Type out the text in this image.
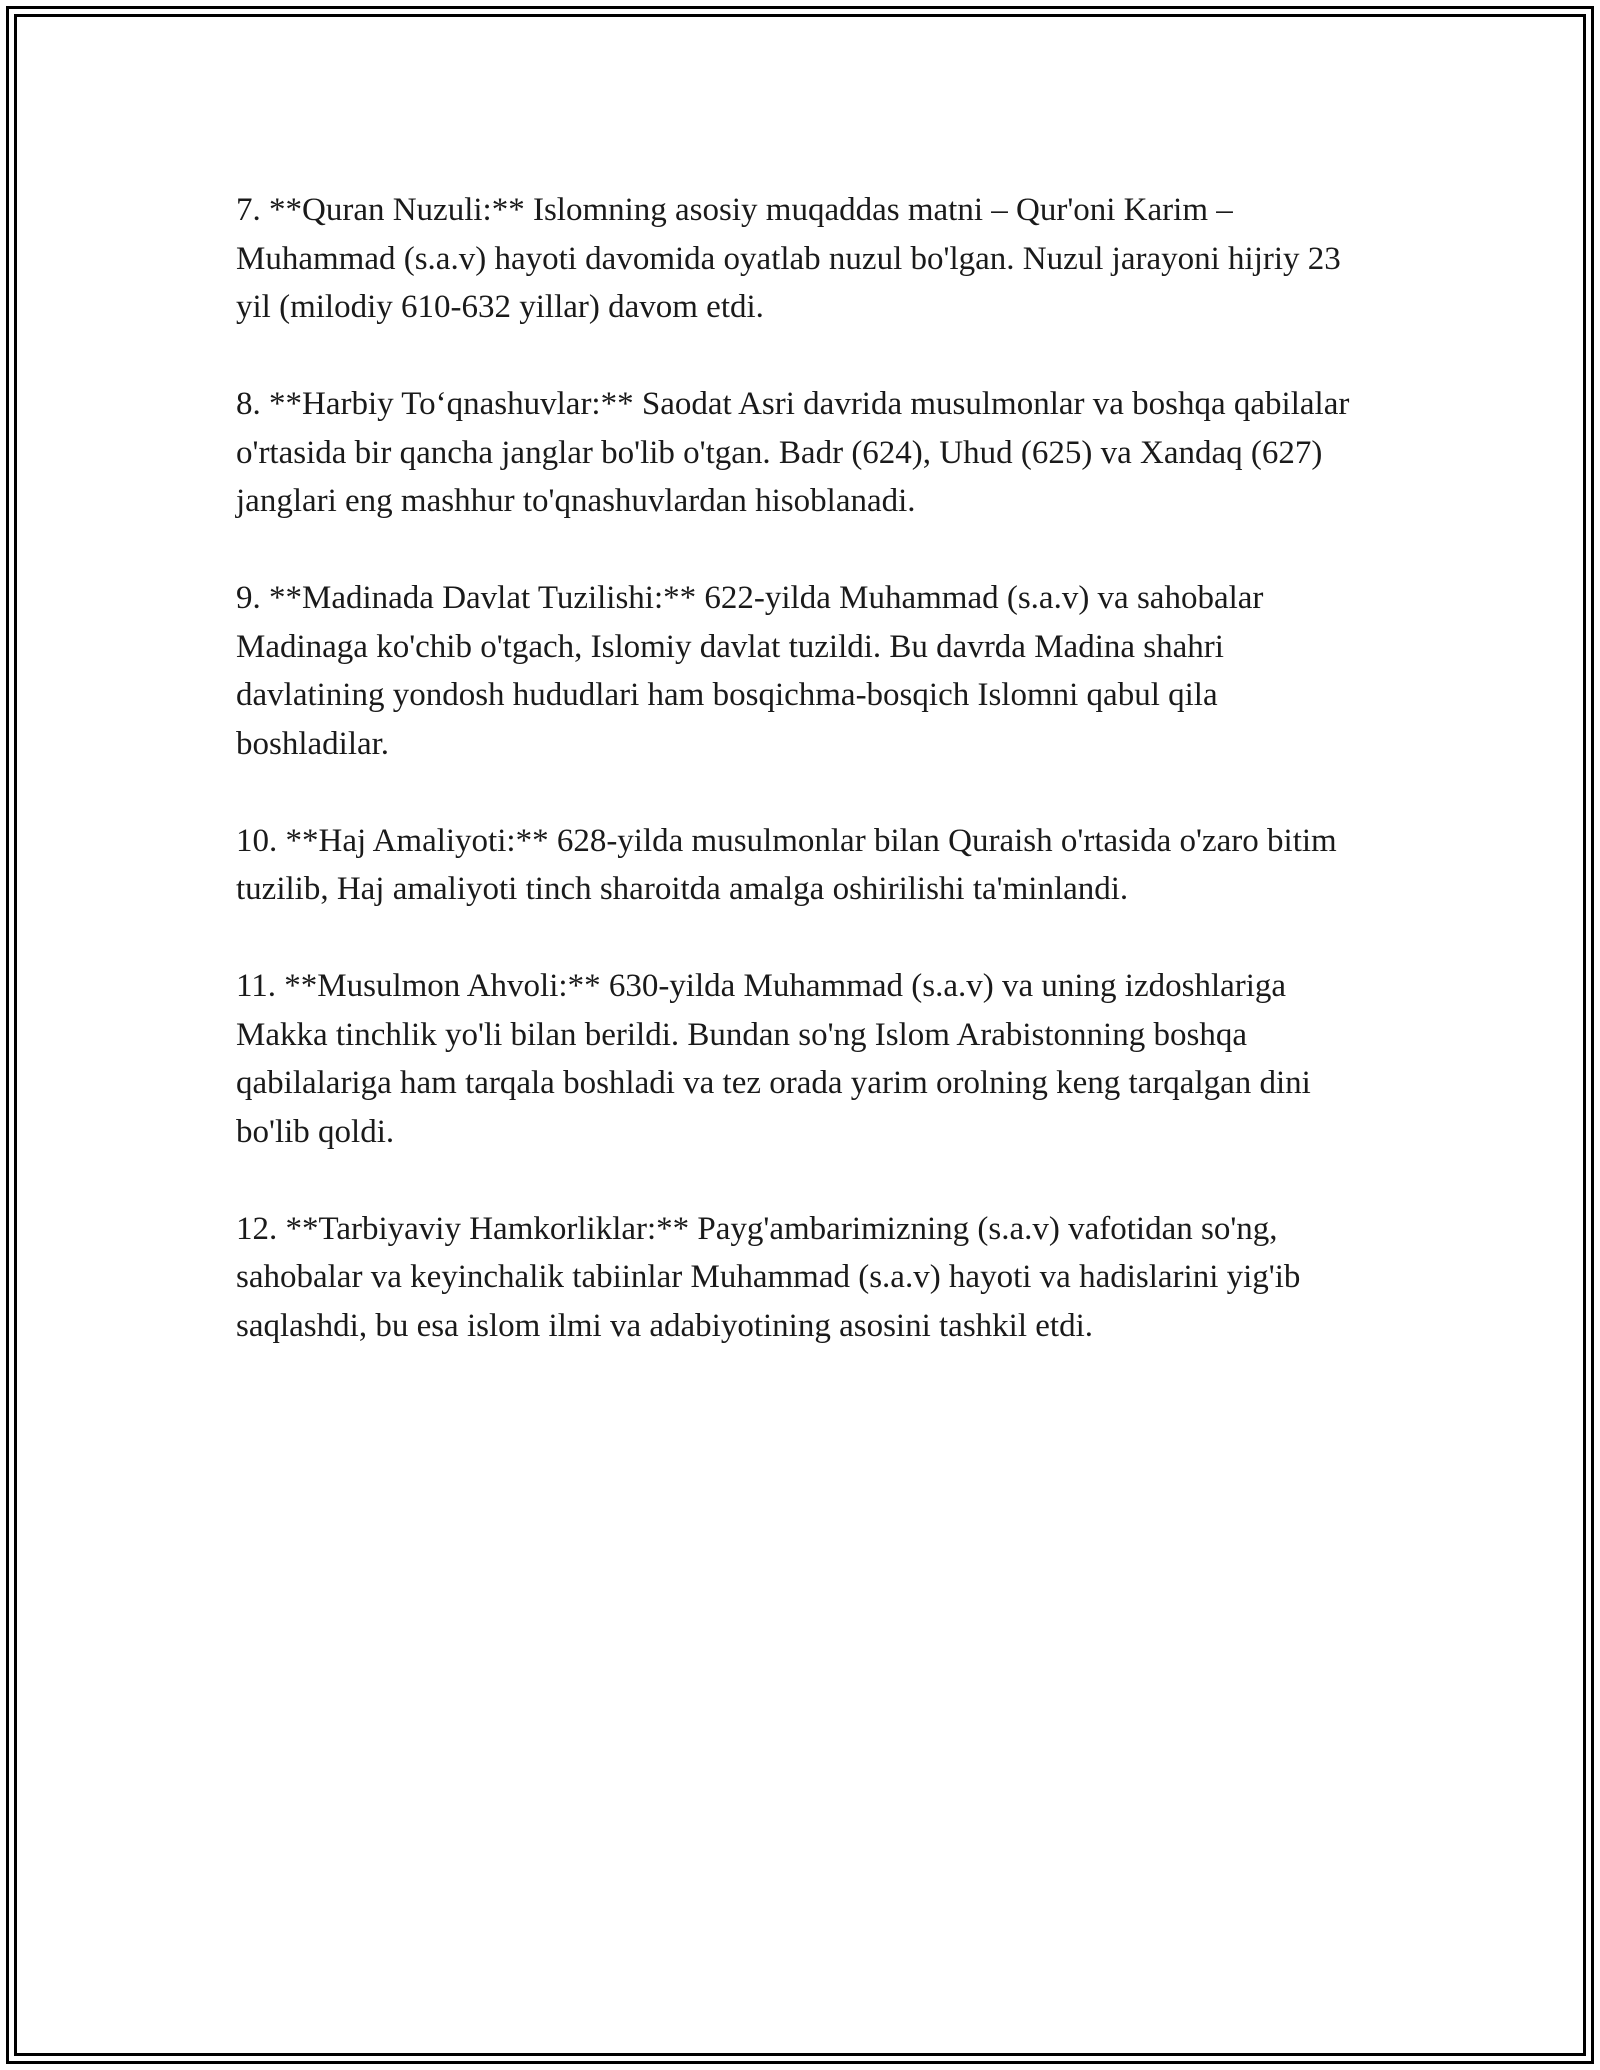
7. **Quran Nuzuli:** Islomning asosiy muqaddas matni – Qur'oni Karim – Muhammad (s.a.v) hayoti davomida oyatlab nuzul bo'lgan. Nuzul jarayoni hijriy 23 yil (milodiy 610-632 yillar) davom etdi.

8. **Harbiy To‘qnashuvlar:** Saodat Asri davrida musulmonlar va boshqa qabilalar o'rtasida bir qancha janglar bo'lib o'tgan. Badr (624), Uhud (625) va Xandaq (627) janglari eng mashhur to'qnashuvlardan hisoblanadi.

9. **Madinada Davlat Tuzilishi:** 622-yilda Muhammad (s.a.v) va sahobalar Madinaga ko'chib o'tgach, Islomiy davlat tuzildi. Bu davrda Madina shahri davlatining yondosh hududlari ham bosqichma-bosqich Islomni qabul qila boshladilar.

10. **Haj Amaliyoti:** 628-yilda musulmonlar bilan Quraish o'rtasida o'zaro bitim tuzilib, Haj amaliyoti tinch sharoitda amalga oshirilishi ta'minlandi.

11. **Musulmon Ahvoli:** 630-yilda Muhammad (s.a.v) va uning izdoshlariga Makka tinchlik yo'li bilan berildi. Bundan so'ng Islom Arabistonning boshqa qabilalariga ham tarqala boshladi va tez orada yarim orolning keng tarqalgan dini bo'lib qoldi.

12. **Tarbiyaviy Hamkorliklar:** Payg'ambarimizning (s.a.v) vafotidan so'ng, sahobalar va keyinchalik tabiinlar Muhammad (s.a.v) hayoti va hadislarini yig'ib saqlashdi, bu esa islom ilmi va adabiyotining asosini tashkil etdi.
